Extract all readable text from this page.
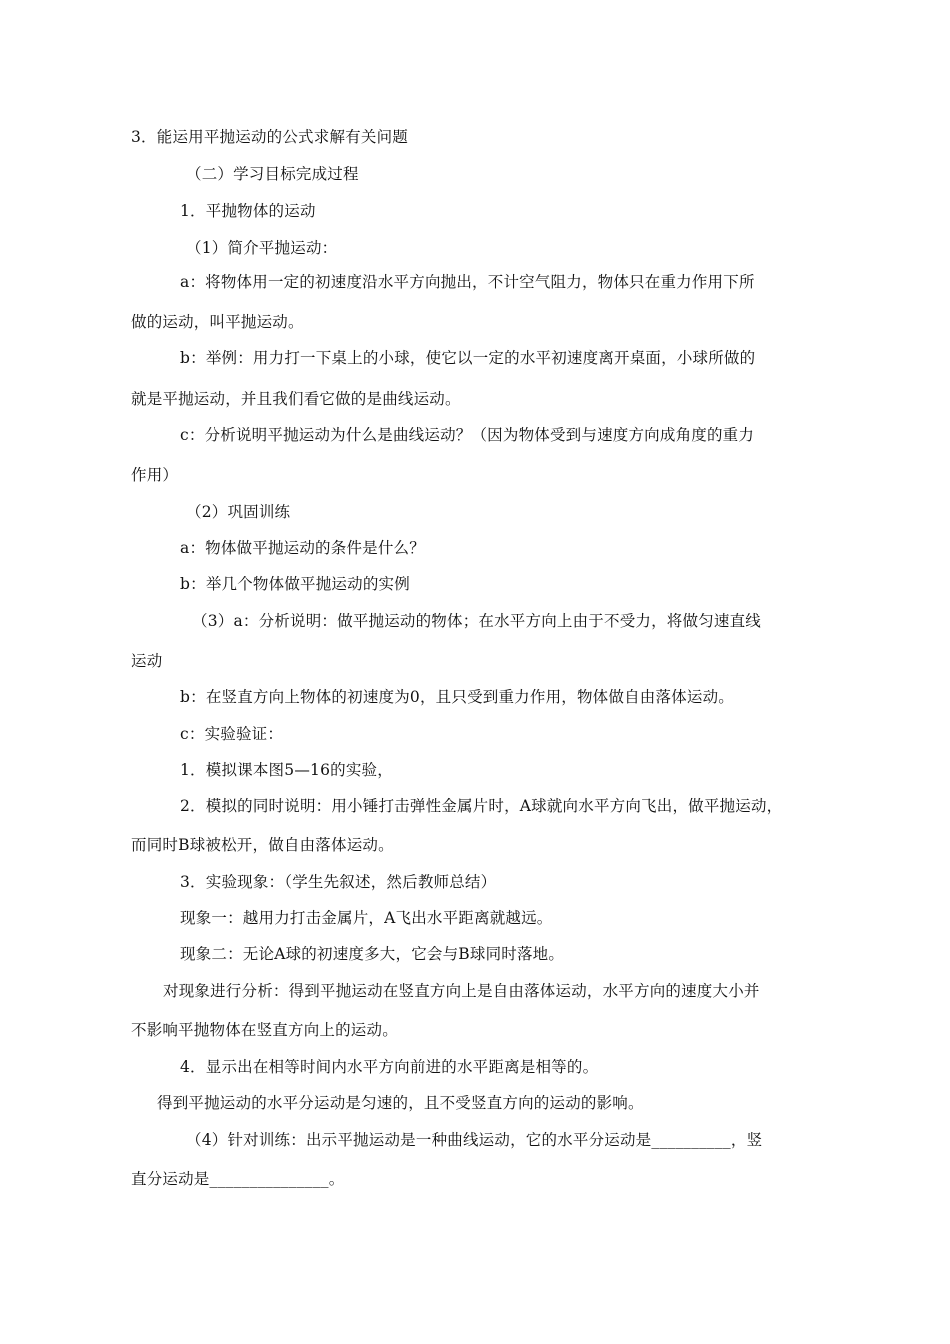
3．能运用平抛运动的公式求解有关问题
（二）学习目标完成过程
1．平抛物体的运动
（1）简介平抛运动：
a：将物体用一定的初速度沿水平方向抛出，不计空气阻力，物体只在重力作用下所
做的运动，叫平抛运动。
b：举例：用力打一下桌上的小球，使它以一定的水平初速度离开桌面，小球所做的
就是平抛运动，并且我们看它做的是曲线运动。
c：分析说明平抛运动为什么是曲线运动？（因为物体受到与速度方向成角度的重力
作用）
（2）巩固训练
a：物体做平抛运动的条件是什么？
b：举几个物体做平抛运动的实例
（3）a：分析说明：做平抛运动的物体；在水平方向上由于不受力，将做匀速直线
运动
b：在竖直方向上物体的初速度为0，且只受到重力作用，物体做自由落体运动。
c：实验验证：
1．模拟课本图5—16的实验，
2．模拟的同时说明：用小锤打击弹性金属片时，A球就向水平方向飞出，做平抛运动，
而同时B球被松开，做自由落体运动。
3．实验现象：（学生先叙述，然后教师总结）
现象一：越用力打击金属片，A飞出水平距离就越远。
现象二：无论A球的初速度多大，它会与B球同时落地。
对现象进行分析：得到平抛运动在竖直方向上是自由落体运动，水平方向的速度大小并
不影响平抛物体在竖直方向上的运动。
4．显示出在相等时间内水平方向前进的水平距离是相等的。
得到平抛运动的水平分运动是匀速的，且不受竖直方向的运动的影响。
（4）针对训练：出示平抛运动是一种曲线运动，它的水平分运动是__________，竖
直分运动是_______________。
